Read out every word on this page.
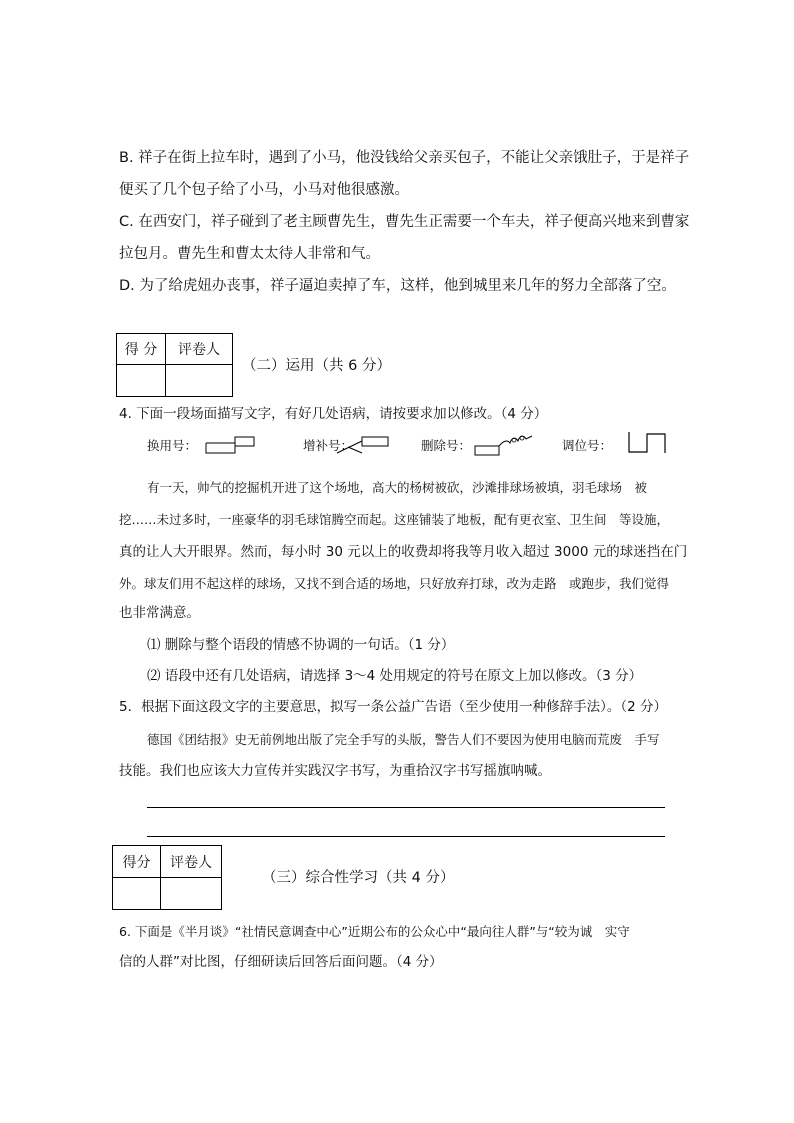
B. 祥子在街上拉车时，遇到了小马，他没钱给父亲买包子，不能让父亲饿肚子，于是祥子
便买了几个包子给了小马，小马对他很感激。
C. 在西安门，祥子碰到了老主顾曹先生，曹先生正需要一个车夫，祥子便高兴地来到曹家
拉包月。曹先生和曹太太待人非常和气。
D. 为了给虎妞办丧事，祥子逼迫卖掉了车，这样，他到城里来几年的努力全部落了空。
得 分	评卷人

（二）运用（共 6 分）
4. 下面一段场面描写文字，有好几处语病，请按要求加以修改。（4 分）
换用号：	增补号：	删除号：	调位号：
有一天，帅气的挖掘机开进了这个场地，高大的杨树被砍，沙滩排球场被填，羽毛球场　被
挖……未过多时，一座豪华的羽毛球馆腾空而起。这座铺装了地板，配有更衣室、卫生间　等设施，
真的让人大开眼界。然而，每小时 30 元以上的收费却将我等月收入超过 3000 元的球迷挡在门
外。球友们用不起这样的球场，又找不到合适的场地，只好放弃打球，改为走路　或跑步，我们觉得
也非常满意。
⑴ 删除与整个语段的情感不协调的一句话。（1 分）
⑵ 语段中还有几处语病，请选择 3～4 处用规定的符号在原文上加以修改。（3 分）
5．根据下面这段文字的主要意思，拟写一条公益广告语（至少使用一种修辞手法）。（2 分）
德国《团结报》史无前例地出版了完全手写的头版，警告人们不要因为使用电脑而荒废　手写
技能。我们也应该大力宣传并实践汉字书写，为重拾汉字书写摇旗呐喊。
得分	评卷人

（三）综合性学习（共 4 分）
6. 下面是《半月谈》“社情民意调查中心”近期公布的公众心中“最向往人群”与“较为诚　实守
信的人群”对比图，仔细研读后回答后面问题。（4 分）
